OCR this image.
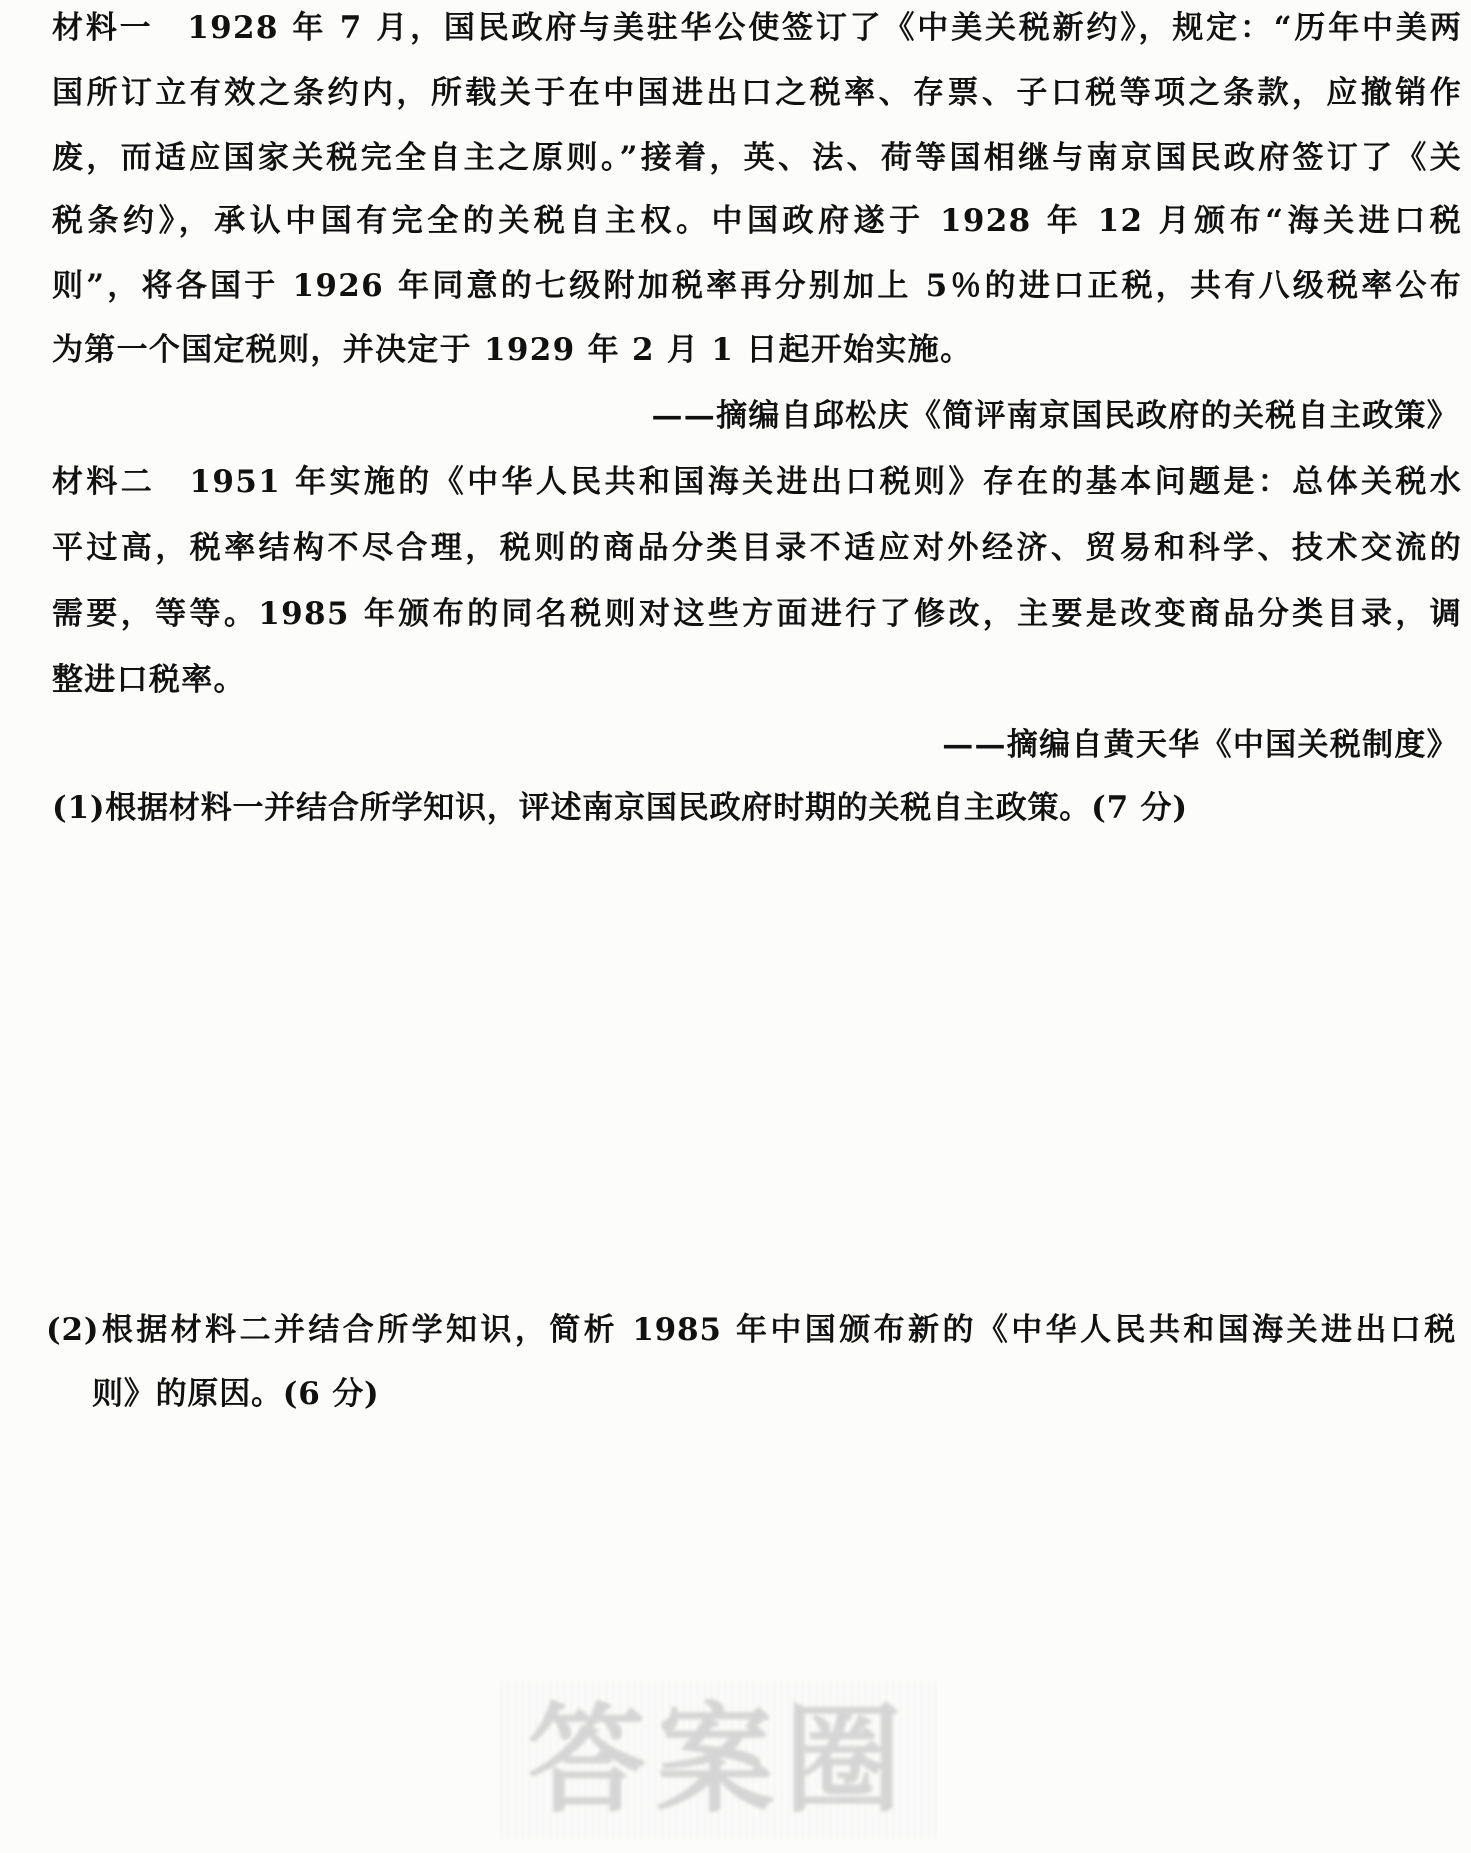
材料一　1928 年 7 月，国民政府与美驻华公使签订了《中美关税新约》，规定：“历年中美两
国所订立有效之条约内，所载关于在中国进出口之税率、存票、子口税等项之条款，应撤销作
废，而适应国家关税完全自主之原则。”接着，英、法、荷等国相继与南京国民政府签订了《关
税条约》，承认中国有完全的关税自主权。中国政府遂于 1928 年 12 月颁布“海关进口税
则”，将各国于 1926 年同意的七级附加税率再分别加上 5％的进口正税，共有八级税率公布
为第一个国定税则，并决定于 1929 年 2 月 1 日起开始实施。
——摘编自邱松庆《简评南京国民政府的关税自主政策》
材料二　1951 年实施的《中华人民共和国海关进出口税则》存在的基本问题是：总体关税水
平过高，税率结构不尽合理，税则的商品分类目录不适应对外经济、贸易和科学、技术交流的
需要，等等。1985 年颁布的同名税则对这些方面进行了修改，主要是改变商品分类目录，调
整进口税率。
——摘编自黄天华《中国关税制度》
(1)根据材料一并结合所学知识，评述南京国民政府时期的关税自主政策。(7 分)
(2)根据材料二并结合所学知识，简析 1985 年中国颁布新的《中华人民共和国海关进出口税
则》的原因。(6 分)
答案圈
